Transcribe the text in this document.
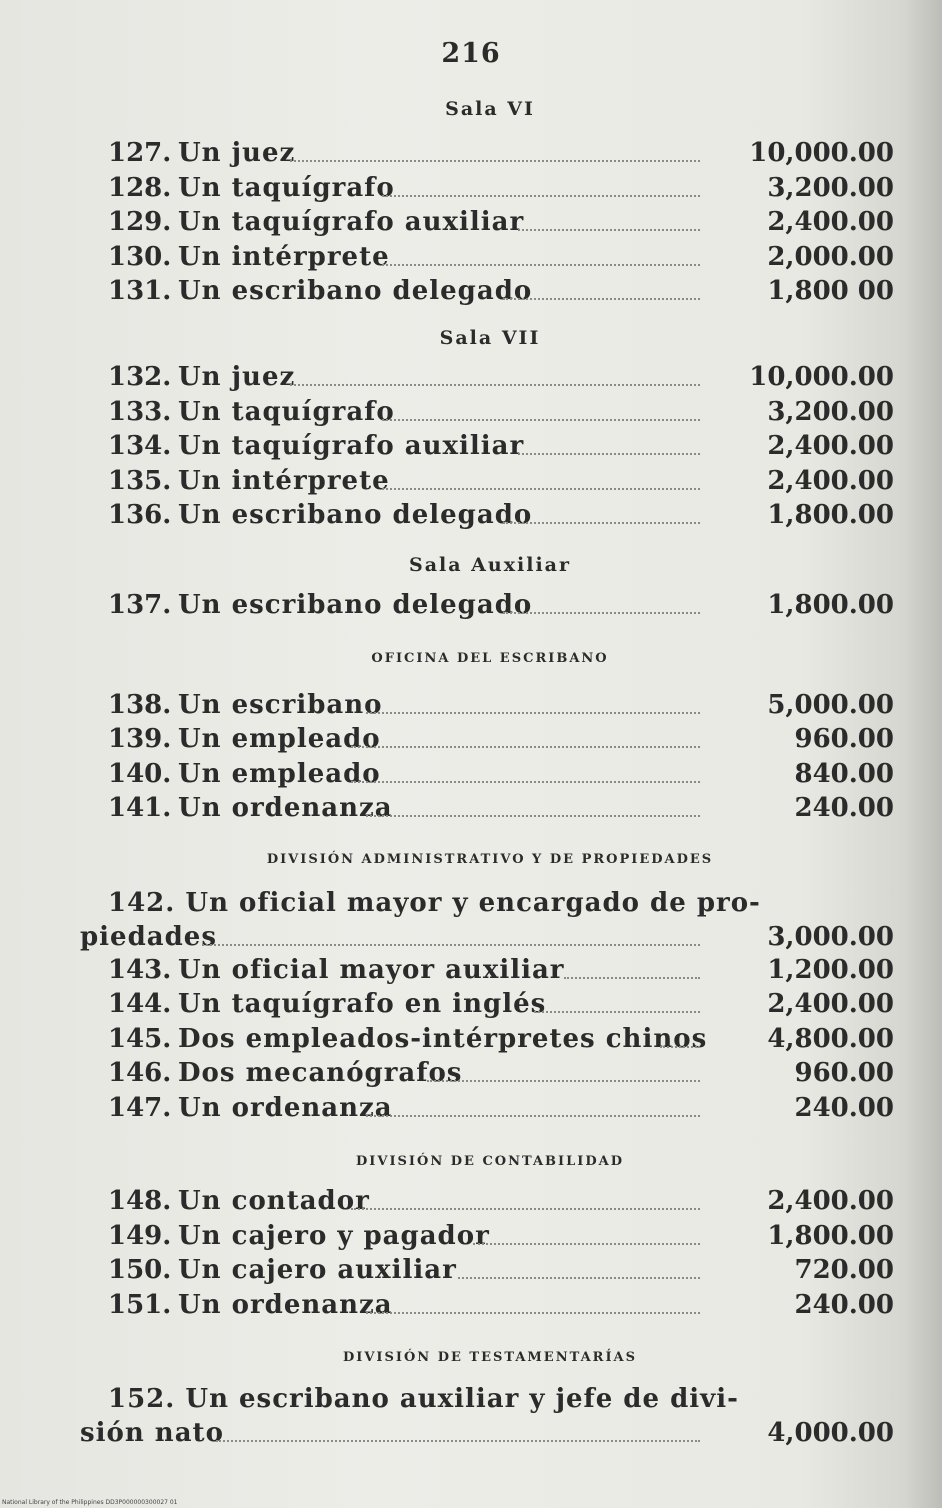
216
Sala VI
127. Un juez	10,000.00
128. Un taquígrafo	3,200.00
129. Un taquígrafo auxiliar	2,400.00
130. Un intérprete	2,000.00
131. Un escribano delegado	1,800 00
Sala VII
132. Un juez	10,000.00
133. Un taquígrafo	3,200.00
134. Un taquígrafo auxiliar	2,400.00
135. Un intérprete	2,400.00
136. Un escribano delegado	1,800.00
Sala Auxiliar
137. Un escribano delegado	1,800.00
OFICINA DEL ESCRIBANO
138. Un escribano	5,000.00
139. Un empleado	960.00
140. Un empleado	840.00
141. Un ordenanza	240.00
DIVISIÓN ADMINISTRATIVO Y DE PROPIEDADES
142. Un oficial mayor y encargado de pro-
piedades	3,000.00
143. Un oficial mayor auxiliar	1,200.00
144. Un taquígrafo en inglés	2,400.00
145. Dos empleados-intérpretes chinos 4,800.00
146. Dos mecanógrafos	960.00
147. Un ordenanza	240.00
DIVISIÓN DE CONTABILIDAD
148. Un contador	2,400.00
149. Un cajero y pagador	1,800.00
150. Un cajero auxiliar	720.00
151. Un ordenanza	240.00
DIVISIÓN DE TESTAMENTARÍAS
152. Un escribano auxiliar y jefe de divi-
sión nato	4,000.00
National Library of the Philippines DD3P000000300027 01
